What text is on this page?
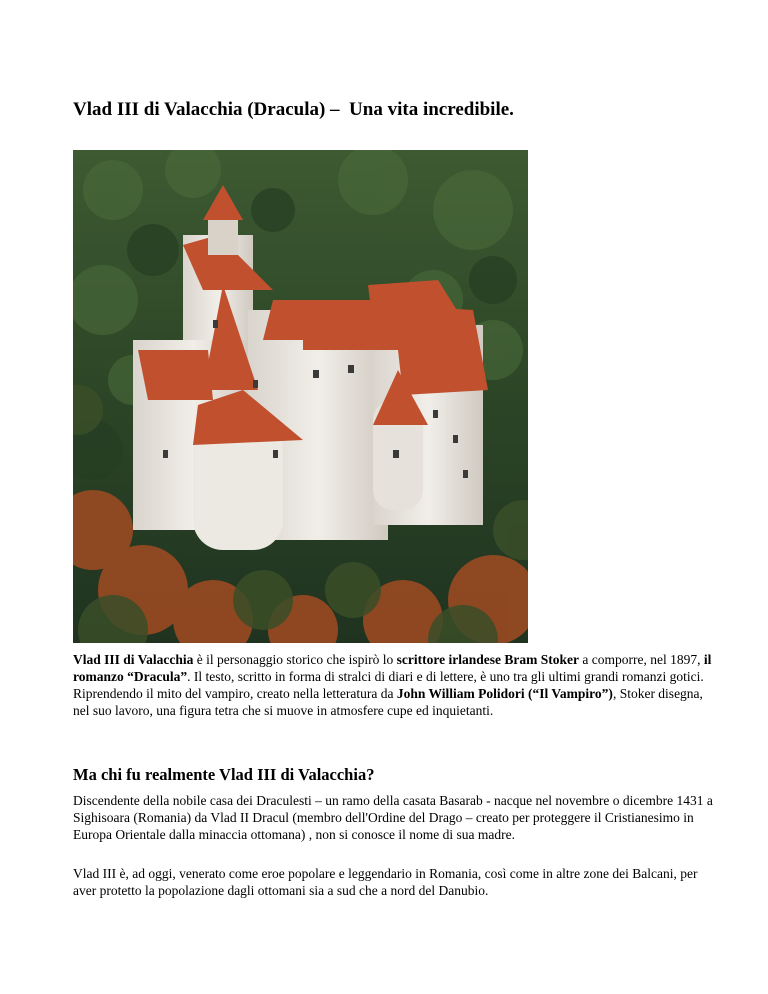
Vlad III di Valacchia (Dracula) –  Una vita incredibile.

Vlad III di Valacchia è il personaggio storico che ispirò lo scrittore irlandese Bram Stoker a comporre, nel 1897, il romanzo “Dracula”. Il testo, scritto in forma di stralci di diari e di lettere, è uno tra gli ultimi grandi romanzi gotici. Riprendendo il mito del vampiro, creato nella letteratura da John William Polidori (“Il Vampiro”), Stoker disegna, nel suo lavoro, una figura tetra che si muove in atmosfere cupe ed inquietanti.

Ma chi fu realmente Vlad III di Valacchia?

Discendente della nobile casa dei Draculesti – un ramo della casata Basarab - nacque nel novembre o dicembre 1431 a Sighisoara (Romania) da Vlad II Dracul (membro dell'Ordine del Drago – creato per proteggere il Cristianesimo in Europa Orientale dalla minaccia ottomana) , non si conosce il nome di sua madre.

Vlad III è, ad oggi, venerato come eroe popolare e leggendario in Romania, così come in altre zone dei Balcani, per aver protetto la popolazione dagli ottomani sia a sud che a nord del Danubio.
